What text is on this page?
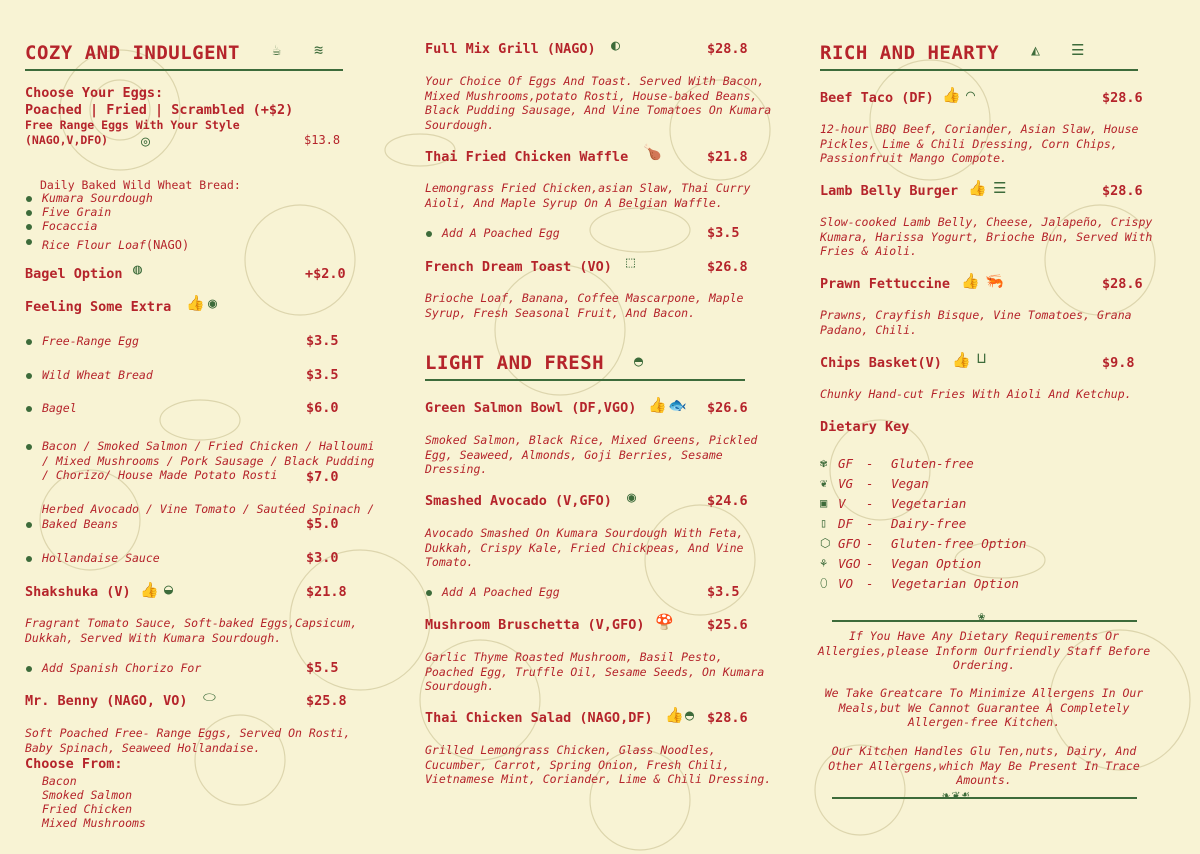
COZY AND INDULGENT ☕ ≋
Choose Your Eggs:
Poached | Fried | Scrambled (+$2)
Free Range Eggs With Your Style
(NAGO,V,DFO) ◎	$13.8
Daily Baked Wild Wheat Bread:
Kumara Sourdough
Five Grain
Focaccia
Rice Flour Loaf(NAGO)
Bagel Option ◍	+$2.0
Feeling Some Extra 👍 ◉
Free-Range Egg	$3.5
Wild Wheat Bread	$3.5
Bagel	$6.0
Bacon / Smoked Salmon / Fried Chicken / Halloumi / Mixed Mushrooms / Pork Sausage / Black Pudding / Chorizo/ House Made Potato Rosti	$7.0
Herbed Avocado / Vine Tomato / Sautéed Spinach / Baked Beans	$5.0
Hollandaise Sauce	$3.0
Shakshuka (V) 👍 ◒	$21.8
Fragrant Tomato Sauce, Soft-baked Eggs,Capsicum, Dukkah, Served With Kumara Sourdough.
Add Spanish Chorizo For	$5.5
Mr. Benny (NAGO, VO) ⬭	$25.8
Soft Poached Free- Range Eggs, Served On Rosti, Baby Spinach, Seaweed Hollandaise.
Choose From:
Bacon
Smoked Salmon
Fried Chicken
Mixed Mushrooms
Full Mix Grill (NAGO) ◐	$28.8
Your Choice Of Eggs And Toast. Served With Bacon, Mixed Mushrooms,potato Rosti, House-baked Beans, Black Pudding Sausage, And Vine Tomatoes On Kumara Sourdough.
Thai Fried Chicken Waffle 🍗	$21.8
Lemongrass Fried Chicken,asian Slaw, Thai Curry Aioli, And Maple Syrup On A Belgian Waffle.
Add A Poached Egg	$3.5
French Dream Toast (VO) ⬚	$26.8
Brioche Loaf, Banana, Coffee Mascarpone, Maple Syrup, Fresh Seasonal Fruit, And Bacon.
LIGHT AND FRESH ◓
Green Salmon Bowl (DF,VGO) 👍 🐟 $26.6
Smoked Salmon, Black Rice, Mixed Greens, Pickled Egg, Seaweed, Almonds, Goji Berries, Sesame Dressing.
Smashed Avocado (V,GFO) ◉	$24.6
Avocado Smashed On Kumara Sourdough With Feta, Dukkah, Crispy Kale, Fried Chickpeas, And Vine Tomato.
Add A Poached Egg	$3.5
Mushroom Bruschetta (V,GFO) 🍄 $25.6
Garlic Thyme Roasted Mushroom, Basil Pesto, Poached Egg, Truffle Oil, Sesame Seeds, On Kumara Sourdough.
Thai Chicken Salad (NAGO,DF) 👍 ◓ $28.6
Grilled Lemongrass Chicken, Glass Noodles, Cucumber, Carrot, Spring Onion, Fresh Chili, Vietnamese Mint, Coriander, Lime & Chili Dressing.
RICH AND HEARTY ◭ ☰
Beef Taco (DF) 👍 ◠	$28.6
12-hour BBQ Beef, Coriander, Asian Slaw, House Pickles, Lime & Chili Dressing, Corn Chips, Passionfruit Mango Compote.
Lamb Belly Burger 👍 ☰	$28.6
Slow-cooked Lamb Belly, Cheese, Jalapeño, Crispy Kumara, Harissa Yogurt, Brioche Bun, Served With Fries & Aioli.
Prawn Fettuccine 👍 🦐	$28.6
Prawns, Crayfish Bisque, Vine Tomatoes, Grana Padano, Chili.
Chips Basket(V) 👍 ⊔	$9.8
Chunky Hand-cut Fries With Aioli And Ketchup.
Dietary Key
✾ GF - Gluten-free
❦ VG - Vegan
▣ V - Vegetarian
▯ DF - Dairy-free
⬡ GFO - Gluten-free Option
⚘ VGO - Vegan Option
⬯ VO - Vegetarian Option
❀
If You Have Any Dietary Requirements Or Allergies,please Inform Ourfriendly Staff Before Ordering.
We Take Greatcare To Minimize Allergens In Our Meals,but We Cannot Guarantee A Completely Allergen-free Kitchen.
Our Kitchen Handles Glu Ten,nuts, Dairy, And Other Allergens,which May Be Present In Trace Amounts.
❧❦☙
